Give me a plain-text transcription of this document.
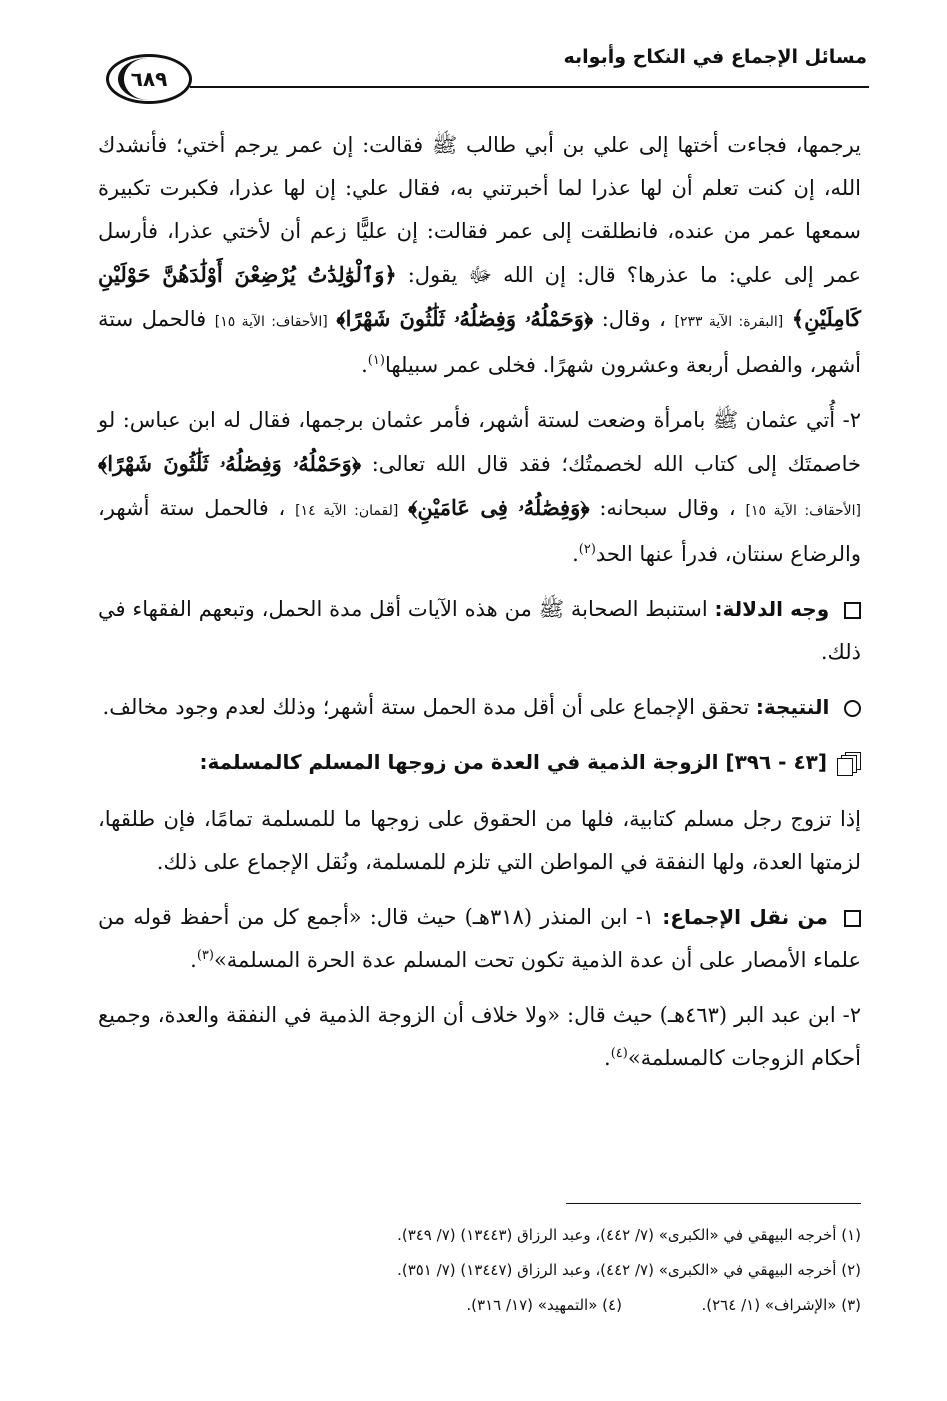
مسائل الإجماع في النكاح وأبوابه
٦٨٩

يرجمها، فجاءت أختها إلى علي بن أبي طالب ﷺ فقالت: إن عمر يرجم أختي؛ فأنشدك الله، إن كنت تعلم أن لها عذرا لما أخبرتني به، فقال علي: إن لها عذرا، فكبرت تكبيرة سمعها عمر من عنده، فانطلقت إلى عمر فقالت: إن عليًّا زعم أن لأختي عذرا، فأرسل عمر إلى علي: ما عذرها؟ قال: إن الله ﷻ يقول: ﴿وَٱلْوَٰلِدَٰتُ يُرْضِعْنَ أَوْلَٰدَهُنَّ حَوْلَيْنِ كَامِلَيْنِ﴾ [البقرة: الآية ٢٣٣] ، وقال: ﴿وَحَمْلُهُۥ وَفِصَٰلُهُۥ ثَلَٰثُونَ شَهْرًا﴾ [الأحقاف: الآية ١٥] فالحمل ستة أشهر، والفصل أربعة وعشرون شهرًا. فخلى عمر سبيلها$^{(١)}$.

٢- أُتي عثمان ﷺ بامرأة وضعت لستة أشهر، فأمر عثمان برجمها، فقال له ابن عباس: لو خاصمتَك إلى كتاب الله لخصمتُك؛ فقد قال الله تعالى: ﴿وَحَمْلُهُۥ وَفِصَٰلُهُۥ ثَلَٰثُونَ شَهْرًا﴾ [الأحقاف: الآية ١٥] ، وقال سبحانه: ﴿وَفِصَٰلُهُۥ فِى عَامَيْنِ﴾ [لقمان: الآية ١٤] ، فالحمل ستة أشهر، والرضاع سنتان، فدرأ عنها الحد$^{(٢)}$.

وجه الدلالة: استنبط الصحابة ﷺ من هذه الآيات أقل مدة الحمل، وتبعهم الفقهاء في ذلك.

النتيجة: تحقق الإجماع على أن أقل مدة الحمل ستة أشهر؛ وذلك لعدم وجود مخالف.

[٤٣ - ٣٩٦] الزوجة الذمية في العدة من زوجها المسلم كالمسلمة:

إذا تزوج رجل مسلم كتابية، فلها من الحقوق على زوجها ما للمسلمة تمامًا، فإن طلقها، لزمتها العدة، ولها النفقة في المواطن التي تلزم للمسلمة، ونُقل الإجماع على ذلك.

من نقل الإجماع: ١- ابن المنذر (٣١٨هـ) حيث قال: «أجمع كل من أحفظ قوله من علماء الأمصار على أن عدة الذمية تكون تحت المسلم عدة الحرة المسلمة»$^{(٣)}$.

٢- ابن عبد البر (٤٦٣هـ) حيث قال: «ولا خلاف أن الزوجة الذمية في النفقة والعدة، وجميع أحكام الزوجات كالمسلمة»$^{(٤)}$.

(١) أخرجه البيهقي في «الكبرى» (٧/ ٤٤٢)، وعبد الرزاق (١٣٤٤٣) (٧/ ٣٤٩).
(٢) أخرجه البيهقي في «الكبرى» (٧/ ٤٤٢)، وعبد الرزاق (١٣٤٤٧) (٧/ ٣٥١).
(٣) «الإشراف» (١/ ٢٦٤).  (٤) «التمهيد» (١٧/ ٣١٦).
